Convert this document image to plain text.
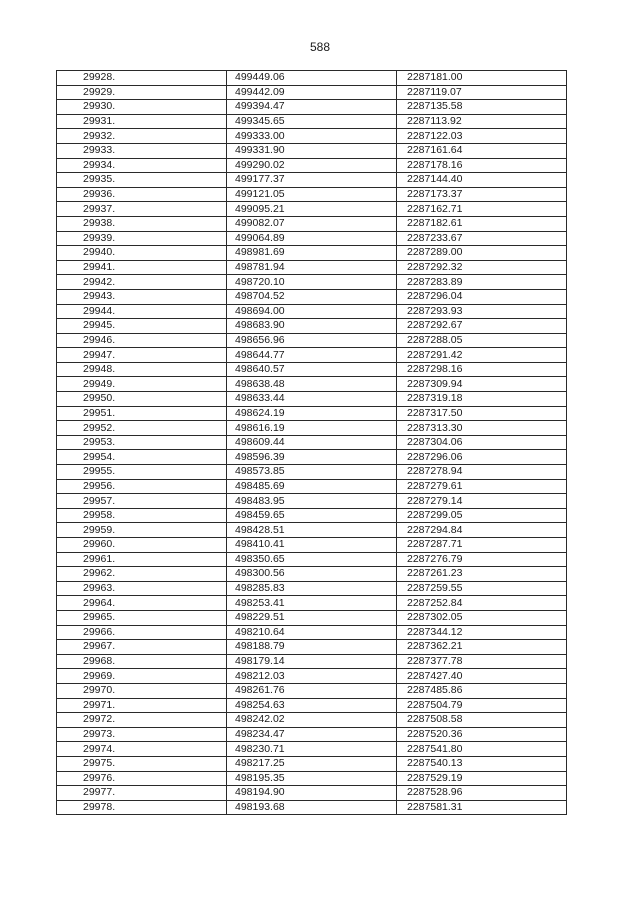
588
29928.	499449.06	2287181.00
29929.	499442.09	2287119.07
29930.	499394.47	2287135.58
29931.	499345.65	2287113.92
29932.	499333.00	2287122.03
29933.	499331.90	2287161.64
29934.	499290.02	2287178.16
29935.	499177.37	2287144.40
29936.	499121.05	2287173.37
29937.	499095.21	2287162.71
29938.	499082.07	2287182.61
29939.	499064.89	2287233.67
29940.	498981.69	2287289.00
29941.	498781.94	2287292.32
29942.	498720.10	2287283.89
29943.	498704.52	2287296.04
29944.	498694.00	2287293.93
29945.	498683.90	2287292.67
29946.	498656.96	2287288.05
29947.	498644.77	2287291.42
29948.	498640.57	2287298.16
29949.	498638.48	2287309.94
29950.	498633.44	2287319.18
29951.	498624.19	2287317.50
29952.	498616.19	2287313.30
29953.	498609.44	2287304.06
29954.	498596.39	2287296.06
29955.	498573.85	2287278.94
29956.	498485.69	2287279.61
29957.	498483.95	2287279.14
29958.	498459.65	2287299.05
29959.	498428.51	2287294.84
29960.	498410.41	2287287.71
29961.	498350.65	2287276.79
29962.	498300.56	2287261.23
29963.	498285.83	2287259.55
29964.	498253.41	2287252.84
29965.	498229.51	2287302.05
29966.	498210.64	2287344.12
29967.	498188.79	2287362.21
29968.	498179.14	2287377.78
29969.	498212.03	2287427.40
29970.	498261.76	2287485.86
29971.	498254.63	2287504.79
29972.	498242.02	2287508.58
29973.	498234.47	2287520.36
29974.	498230.71	2287541.80
29975.	498217.25	2287540.13
29976.	498195.35	2287529.19
29977.	498194.90	2287528.96
29978.	498193.68	2287581.31
